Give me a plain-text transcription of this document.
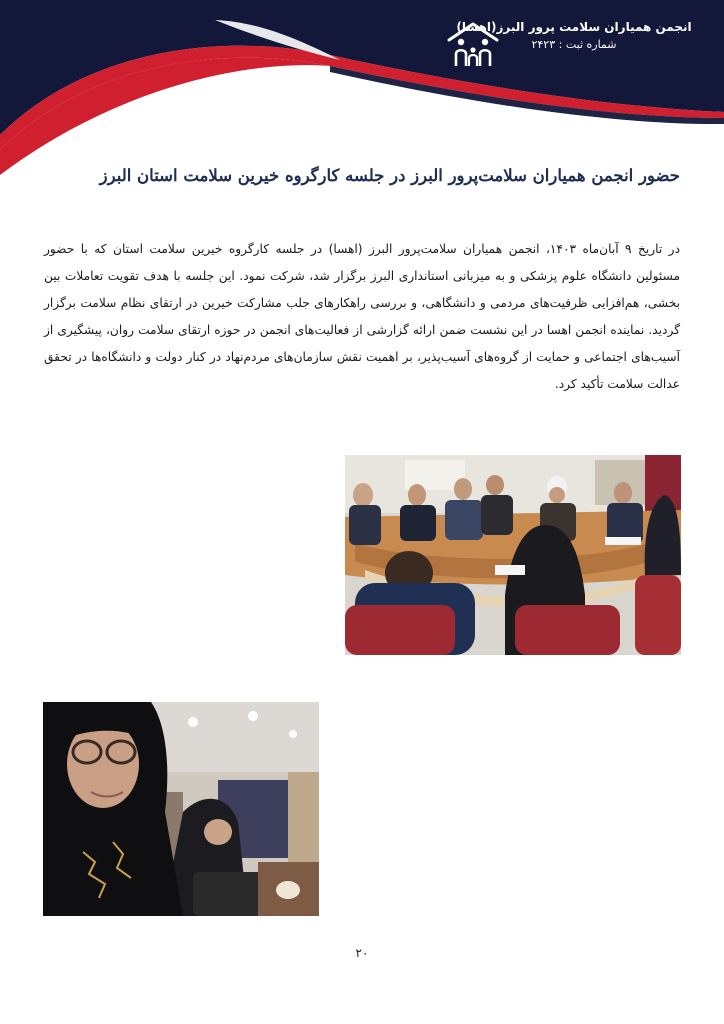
انجمن همیاران سلامت پرور البرز(اهسا)
شماره ثبت : ۲۴۲۳
حضور انجمن همیاران سلامت‌پرور البرز در جلسه کارگروه خیرین سلامت استان البرز
در تاریخ ۹ آبان‌ماه ۱۴۰۳، انجمن همیاران سلامت‌پرور البرز (اهسا) در جلسه کارگروه خیرین سلامت استان که با حضور مسئولین دانشگاه علوم پزشکی و به میزبانی استانداری البرز برگزار شد، شرکت نمود. این جلسه با هدف تقویت تعاملات بین بخشی، هم‌افزایی ظرفیت‌های مردمی و دانشگاهی، و بررسی راهکارهای جلب مشارکت خیرین در ارتقای نظام سلامت برگزار گردید. نماینده انجمن اهسا در این نشست ضمن ارائه گزارشی از فعالیت‌های انجمن در حوزه ارتقای سلامت روان، پیشگیری از آسیب‌های اجتماعی و حمایت از گروه‌های آسیب‌پذیر، بر اهمیت نقش سازمان‌های مردم‌نهاد در کنار دولت و دانشگاه‌ها در تحقق عدالت سلامت تأکید کرد.
۲۰
